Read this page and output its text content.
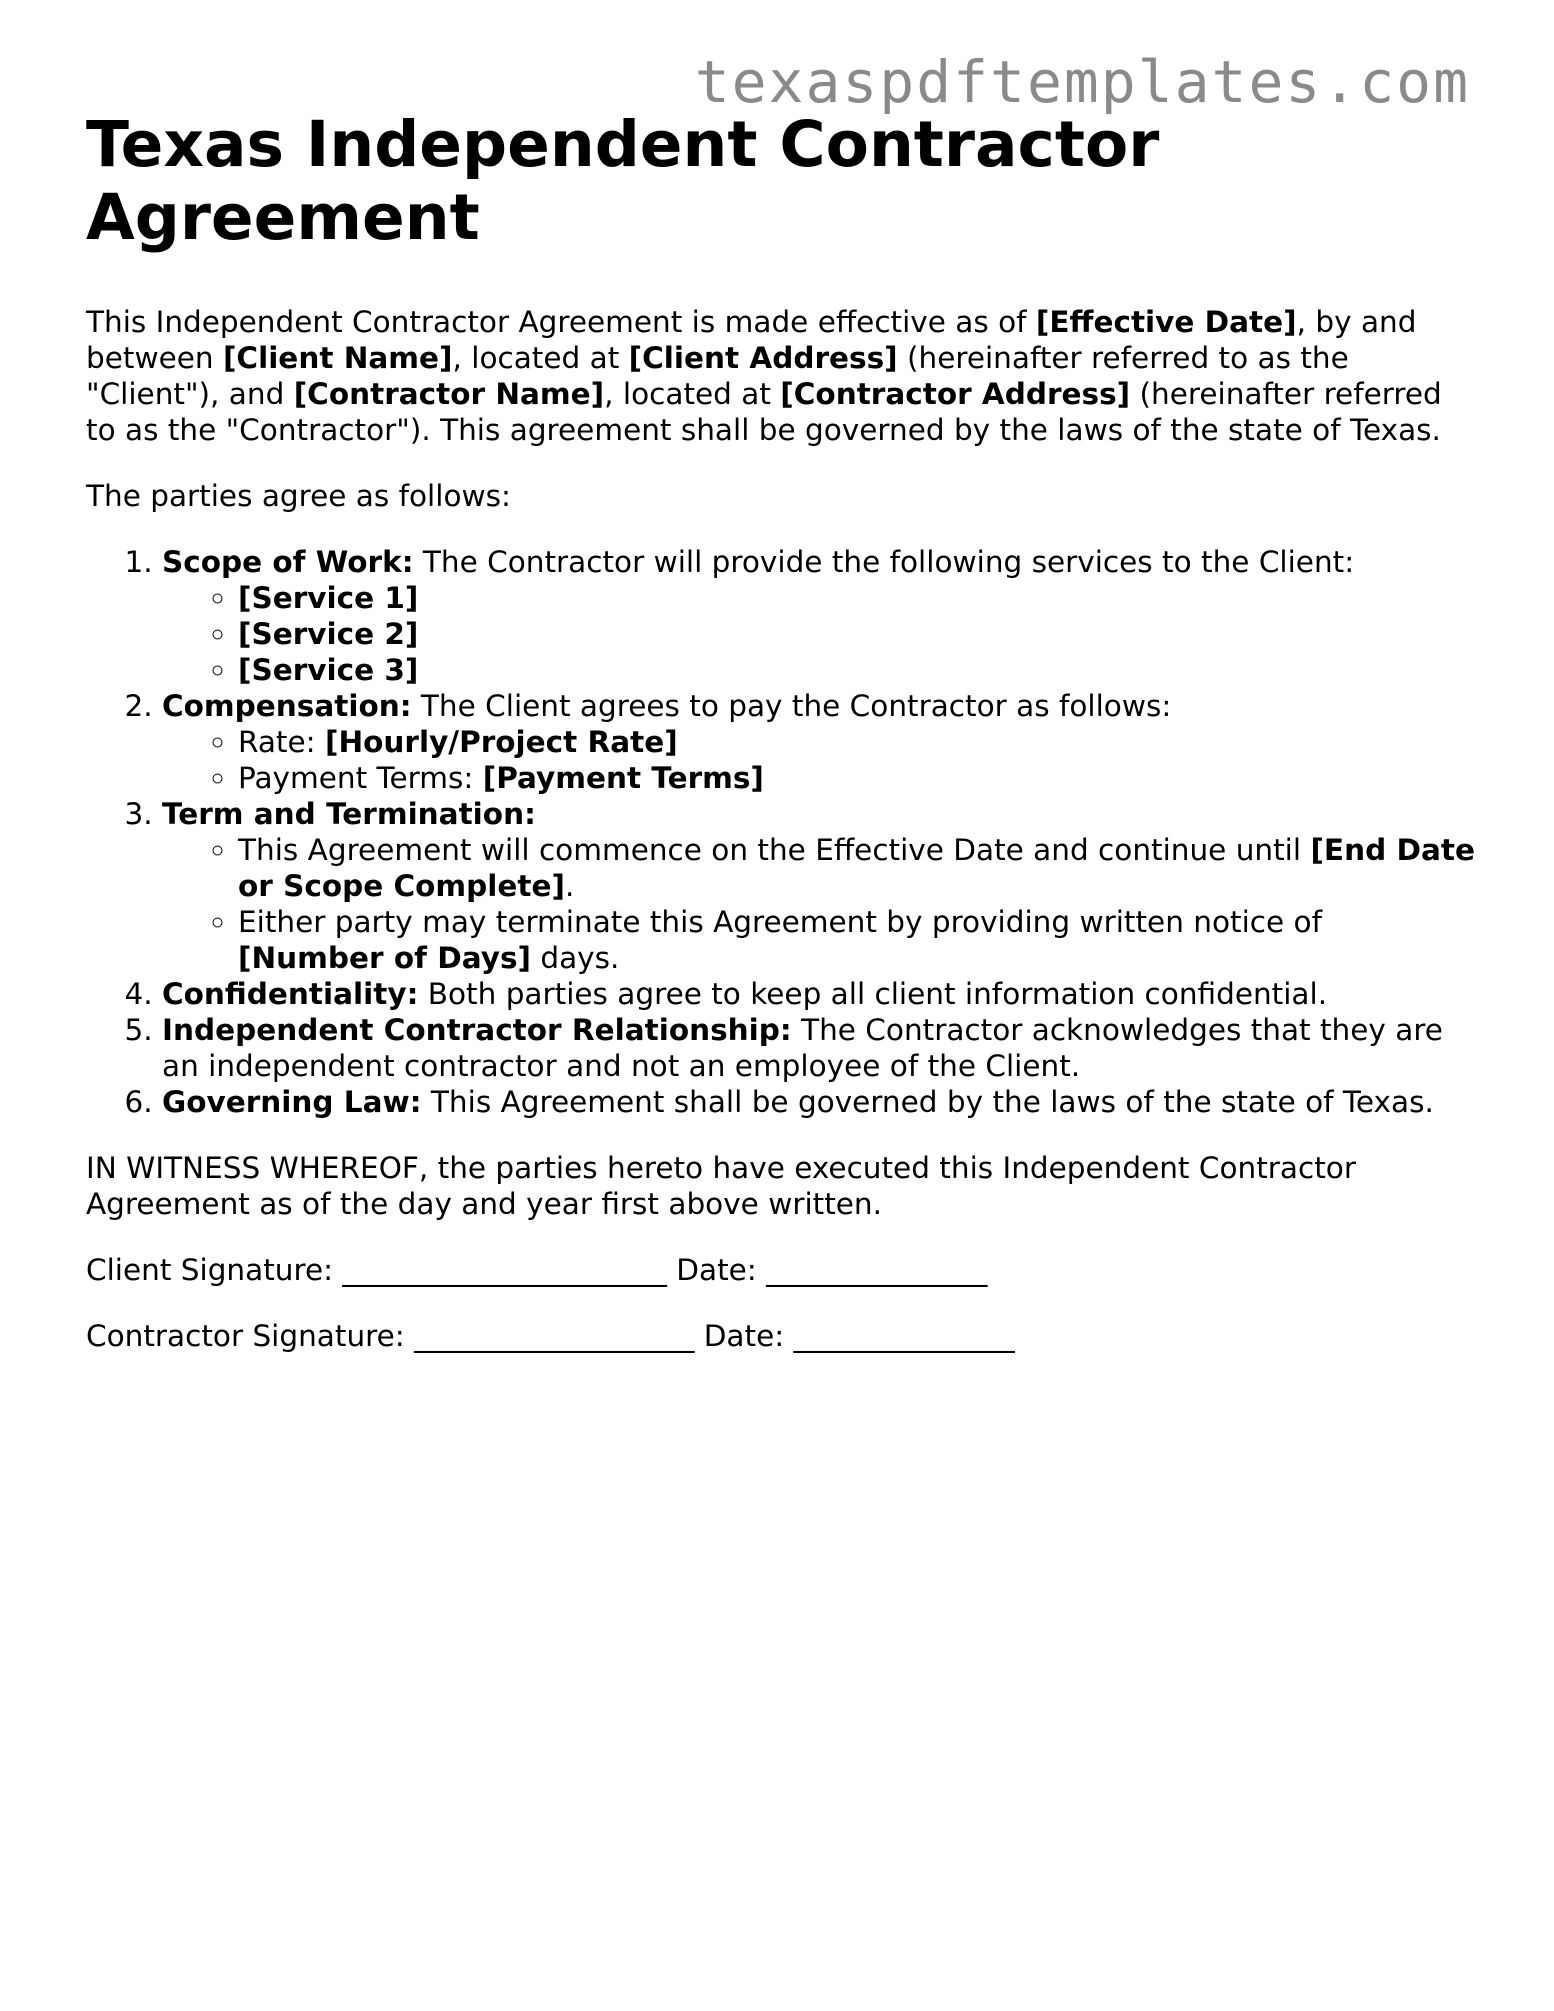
texaspdftemplates.com
Texas Independent Contractor Agreement

This Independent Contractor Agreement is made effective as of [Effective Date], by and between [Client Name], located at [Client Address] (hereinafter referred to as the "Client"), and [Contractor Name], located at [Contractor Address] (hereinafter referred to as the "Contractor"). This agreement shall be governed by the laws of the state of Texas.

The parties agree as follows:

1. Scope of Work: The Contractor will provide the following services to the Client:
◦ [Service 1]
◦ [Service 2]
◦ [Service 3]
2. Compensation: The Client agrees to pay the Contractor as follows:
◦ Rate: [Hourly/Project Rate]
◦ Payment Terms: [Payment Terms]
3. Term and Termination:
◦ This Agreement will commence on the Effective Date and continue until [End Date or Scope Complete].
◦ Either party may terminate this Agreement by providing written notice of [Number of Days] days.
4. Confidentiality: Both parties agree to keep all client information confidential.
5. Independent Contractor Relationship: The Contractor acknowledges that they are an independent contractor and not an employee of the Client.
6. Governing Law: This Agreement shall be governed by the laws of the state of Texas.

IN WITNESS WHEREOF, the parties hereto have executed this Independent Contractor Agreement as of the day and year first above written.

Client Signature: ______________________ Date: _______________

Contractor Signature: ___________________ Date: _______________
